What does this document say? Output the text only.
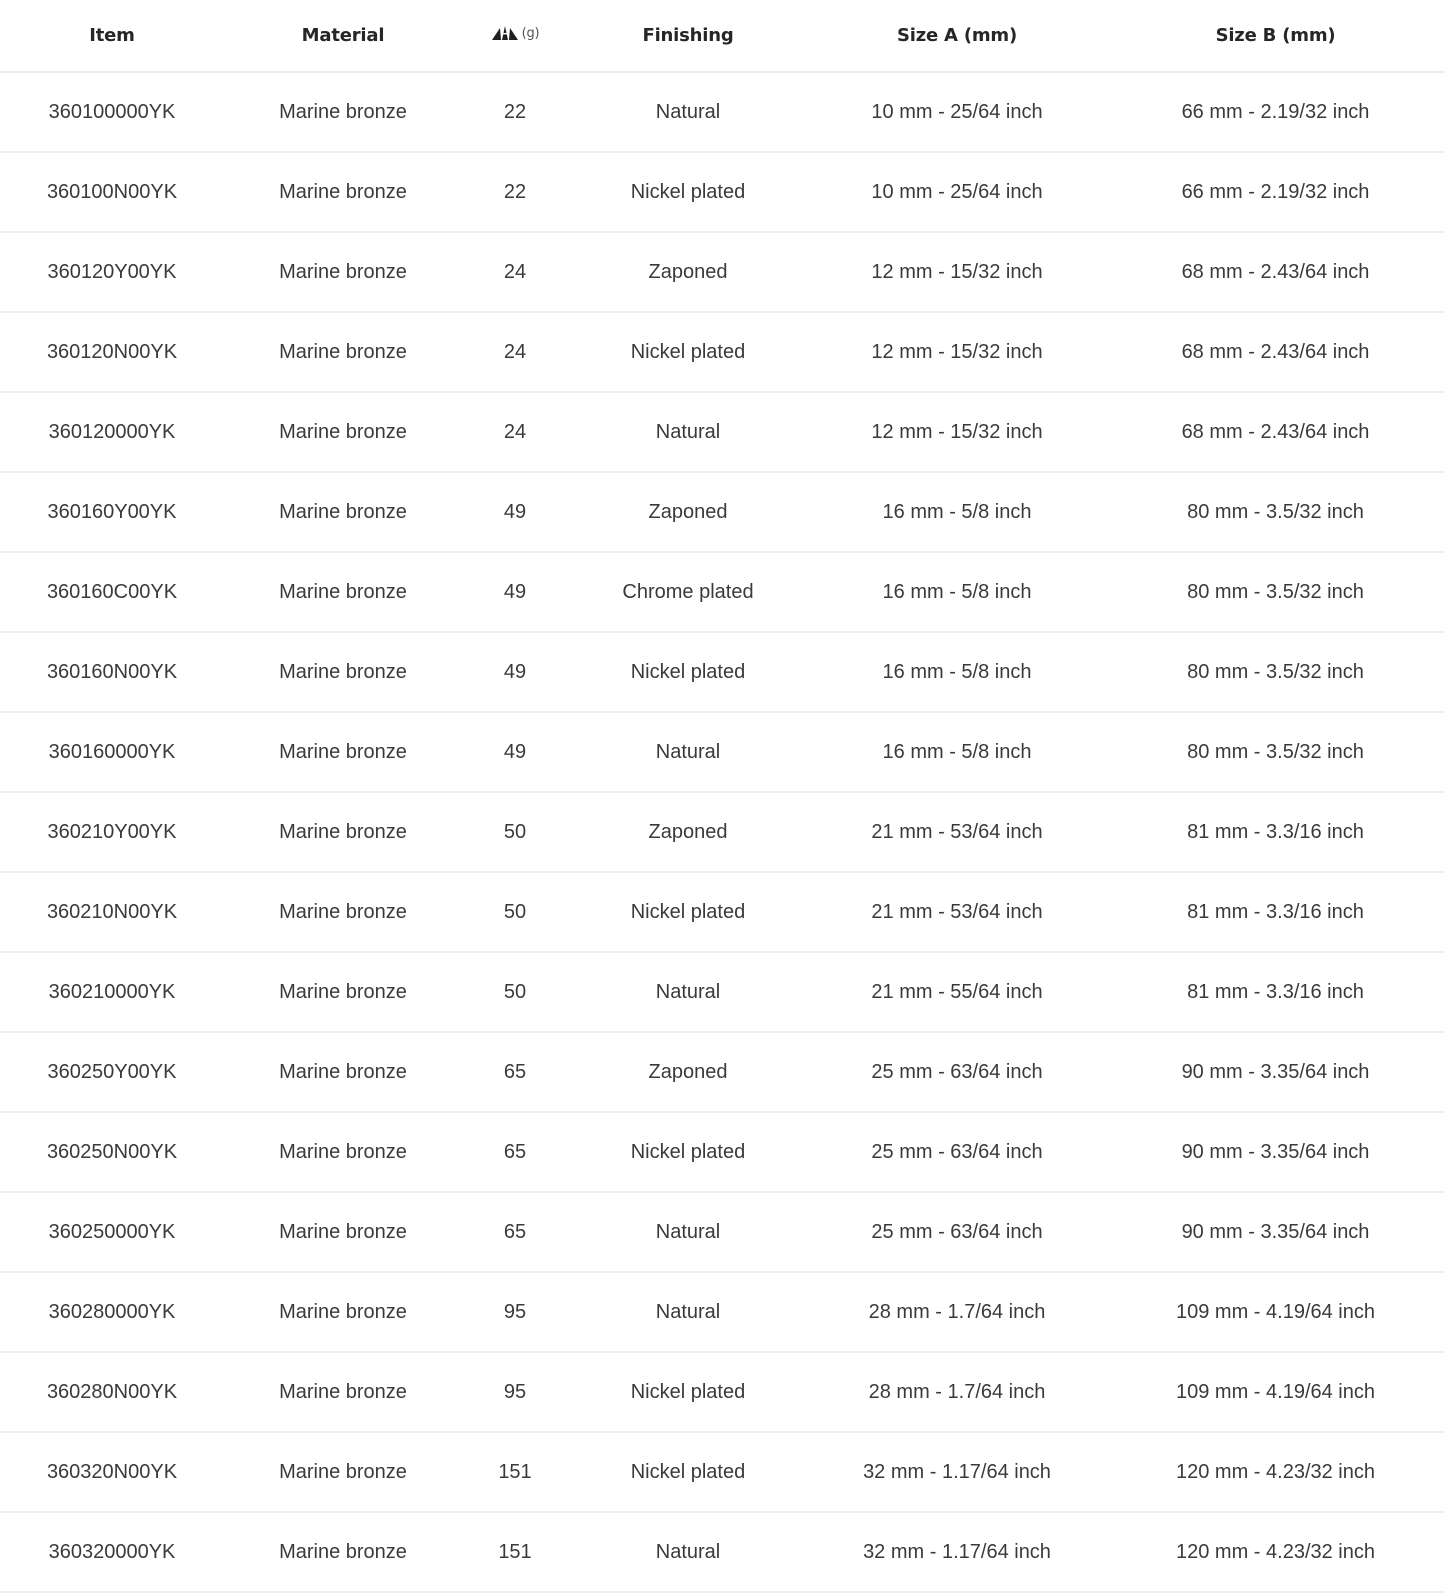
Item	Material	(g)	Finishing	Size A (mm)	Size B (mm)
360100000YK	Marine bronze	22	Natural	10 mm - 25/64 inch	66 mm - 2.19/32 inch
360100N00YK	Marine bronze	22	Nickel plated	10 mm - 25/64 inch	66 mm - 2.19/32 inch
360120Y00YK	Marine bronze	24	Zaponed	12 mm - 15/32 inch	68 mm - 2.43/64 inch
360120N00YK	Marine bronze	24	Nickel plated	12 mm - 15/32 inch	68 mm - 2.43/64 inch
360120000YK	Marine bronze	24	Natural	12 mm - 15/32 inch	68 mm - 2.43/64 inch
360160Y00YK	Marine bronze	49	Zaponed	16 mm - 5/8 inch	80 mm - 3.5/32 inch
360160C00YK	Marine bronze	49	Chrome plated	16 mm - 5/8 inch	80 mm - 3.5/32 inch
360160N00YK	Marine bronze	49	Nickel plated	16 mm - 5/8 inch	80 mm - 3.5/32 inch
360160000YK	Marine bronze	49	Natural	16 mm - 5/8 inch	80 mm - 3.5/32 inch
360210Y00YK	Marine bronze	50	Zaponed	21 mm - 53/64 inch	81 mm - 3.3/16 inch
360210N00YK	Marine bronze	50	Nickel plated	21 mm - 53/64 inch	81 mm - 3.3/16 inch
360210000YK	Marine bronze	50	Natural	21 mm - 55/64 inch	81 mm - 3.3/16 inch
360250Y00YK	Marine bronze	65	Zaponed	25 mm - 63/64 inch	90 mm - 3.35/64 inch
360250N00YK	Marine bronze	65	Nickel plated	25 mm - 63/64 inch	90 mm - 3.35/64 inch
360250000YK	Marine bronze	65	Natural	25 mm - 63/64 inch	90 mm - 3.35/64 inch
360280000YK	Marine bronze	95	Natural	28 mm - 1.7/64 inch	109 mm - 4.19/64 inch
360280N00YK	Marine bronze	95	Nickel plated	28 mm - 1.7/64 inch	109 mm - 4.19/64 inch
360320N00YK	Marine bronze	151	Nickel plated	32 mm - 1.17/64 inch	120 mm - 4.23/32 inch
360320000YK	Marine bronze	151	Natural	32 mm - 1.17/64 inch	120 mm - 4.23/32 inch
